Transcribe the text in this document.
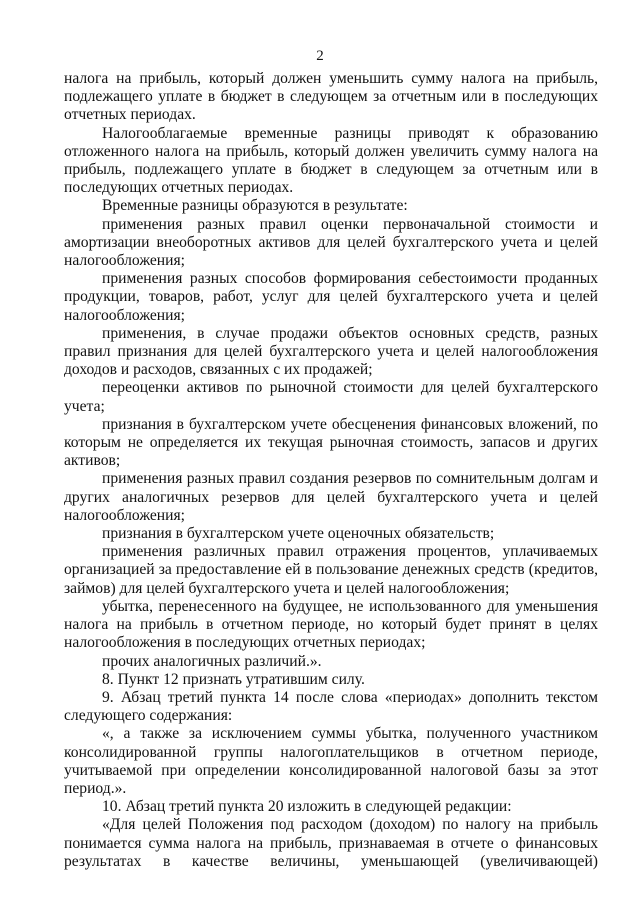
2

налога на прибыль, который должен уменьшить сумму налога на прибыль, подлежащего уплате в бюджет в следующем за отчетным или в последующих отчетных периодах.

Налогооблагаемые временные разницы приводят к образованию отложенного налога на прибыль, который должен увеличить сумму налога на прибыль, подлежащего уплате в бюджет в следующем за отчетным или в последующих отчетных периодах.

Временные разницы образуются в результате:

применения разных правил оценки первоначальной стоимости и амортизации внеоборотных активов для целей бухгалтерского учета и целей налогообложения;

применения разных способов формирования себестоимости проданных продукции, товаров, работ, услуг для целей бухгалтерского учета и целей налогообложения;

применения, в случае продажи объектов основных средств, разных правил признания для целей бухгалтерского учета и целей налогообложения доходов и расходов, связанных с их продажей;

переоценки активов по рыночной стоимости для целей бухгалтерского учета;

признания в бухгалтерском учете обесценения финансовых вложений, по которым не определяется их текущая рыночная стоимость, запасов и других активов;

применения разных правил создания резервов по сомнительным долгам и других аналогичных резервов для целей бухгалтерского учета и целей налогообложения;

признания в бухгалтерском учете оценочных обязательств;

применения различных правил отражения процентов, уплачиваемых организацией за предоставление ей в пользование денежных средств (кредитов, займов) для целей бухгалтерского учета и целей налогообложения;

убытка, перенесенного на будущее, не использованного для уменьшения налога на прибыль в отчетном периоде, но который будет принят в целях налогообложения в последующих отчетных периодах;

прочих аналогичных различий.».

8. Пункт 12 признать утратившим силу.

9. Абзац третий пункта 14 после слова «периодах» дополнить текстом следующего содержания:

«, а также за исключением суммы убытка, полученного участником консолидированной группы налогоплательщиков в отчетном периоде, учитываемой при определении консолидированной налоговой базы за этот период.».

10. Абзац третий пункта 20 изложить в следующей редакции:

«Для целей Положения под расходом (доходом) по налогу на прибыль понимается сумма налога на прибыль, признаваемая в отчете о финансовых результатах в качестве величины, уменьшающей (увеличивающей)
